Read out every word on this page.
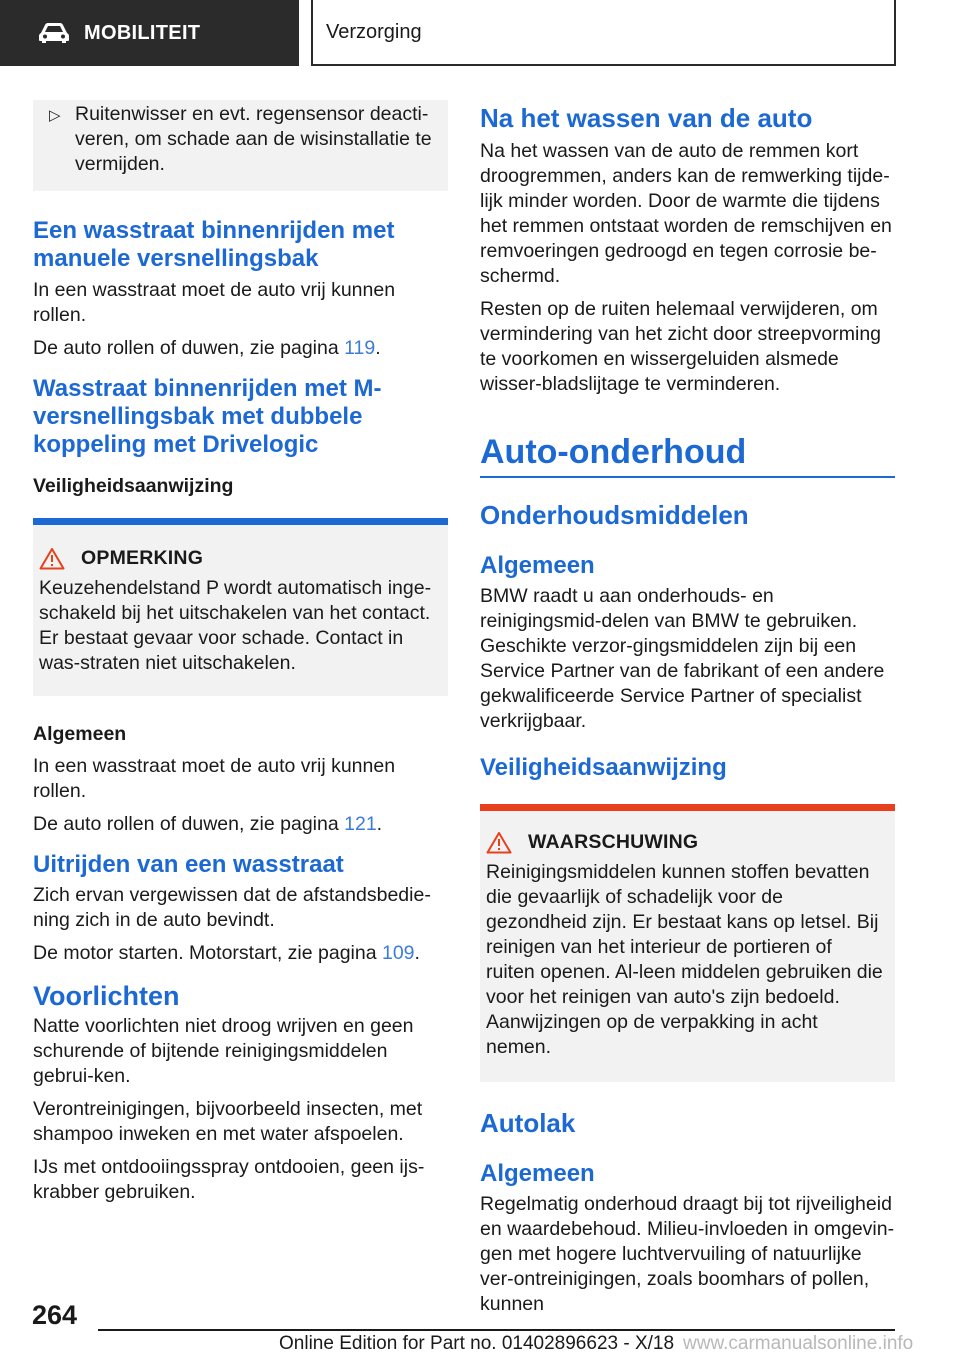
MOBILITEIT	Verzorging
▷ Ruitenwisser en evt. regensensor deacti‐veren, om schade aan de wisinstallatie te vermijden.
Een wasstraat binnenrijden met manuele versnellingsbak

In een wasstraat moet de auto vrij kunnen rollen.

De auto rollen of duwen, zie pagina 119.

Wasstraat binnenrijden met M-versnellingsbak met dubbele koppeling met Drivelogic
Veiligheidsaanwijzing
OPMERKING
Keuzehendelstand P wordt automatisch inge‐schakeld bij het uitschakelen van het contact. Er bestaat gevaar voor schade. Contact in was‐straten niet uitschakelen.
Algemeen

In een wasstraat moet de auto vrij kunnen rollen.

De auto rollen of duwen, zie pagina 121.

Uitrijden van een wasstraat

Zich ervan vergewissen dat de afstandsbedie‐ning zich in de auto bevindt.

De motor starten. Motorstart, zie pagina 109.

Voorlichten

Natte voorlichten niet droog wrijven en geen schurende of bijtende reinigingsmiddelen gebrui‐ken.

Verontreinigingen, bijvoorbeeld insecten, met shampoo inweken en met water afspoelen.

IJs met ontdooiingsspray ontdooien, geen ijs‐krabber gebruiken.

Na het wassen van de auto

Na het wassen van de auto de remmen kort droogremmen, anders kan de remwerking tijde‐lijk minder worden. Door de warmte die tijdens het remmen ontstaat worden de remschijven en remvoeringen gedroogd en tegen corrosie be‐schermd.

Resten op de ruiten helemaal verwijderen, om vermindering van het zicht door streepvorming te voorkomen en wissergeluiden alsmede wisser‐bladslijtage te verminderen.

Auto-onderhoud
Onderhoudsmiddelen
Algemeen

BMW raadt u aan onderhouds- en reinigingsmid‐delen van BMW te gebruiken. Geschikte verzor‐gingsmiddelen zijn bij een Service Partner van de fabrikant of een andere gekwalificeerde Service Partner of specialist verkrijgbaar.

Veiligheidsaanwijzing
WAARSCHUWING
Reinigingsmiddelen kunnen stoffen bevatten die gevaarlijk of schadelijk voor de gezondheid zijn. Er bestaat kans op letsel. Bij reinigen van het interieur de portieren of ruiten openen. Al‐leen middelen gebruiken die voor het reinigen van auto's zijn bedoeld. Aanwijzingen op de verpakking in acht nemen.
Autolak
Algemeen

Regelmatig onderhoud draagt bij tot rijveiligheid en waardebehoud. Milieu-invloeden in omgevin‐gen met hogere luchtvervuiling of natuurlijke ver‐ontreinigingen, zoals boomhars of pollen, kunnen

264
Online Edition for Part no. 01402896623 - X/18 www.carmanualsonline.info
